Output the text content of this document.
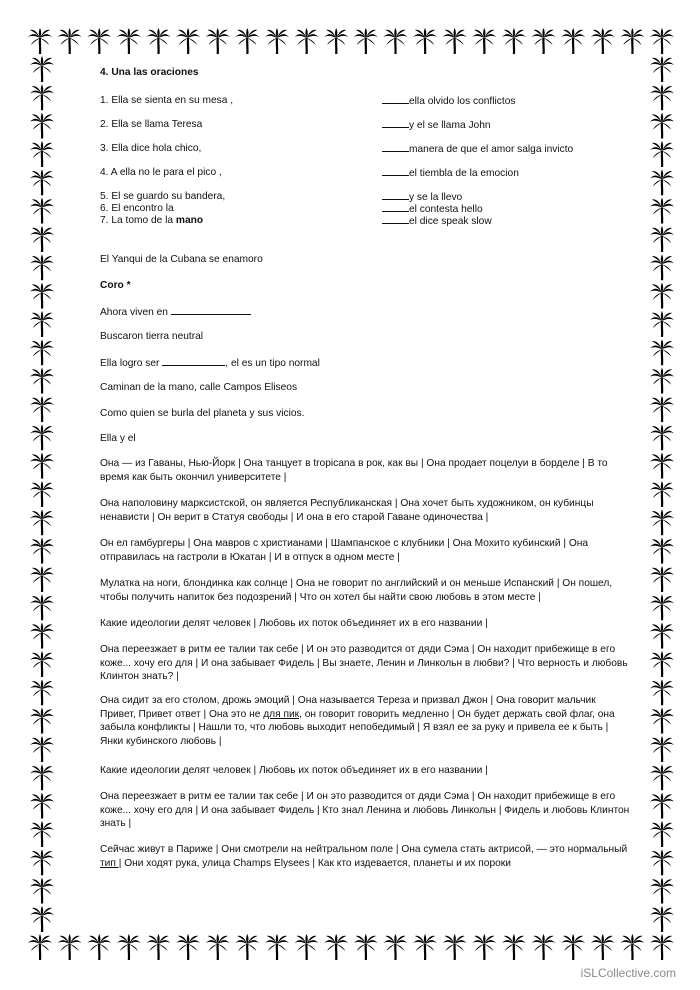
4. Una las oraciones
1. Ella se sienta en su mesa ,
2. Ella se llama Teresa
3. Ella dice hola chico,
4. A ella no le para el pico ,
5. El se guardo su bandera,
6. El encontro la
7. La tomo de la mano
ella olvido los conflictos
y el se llama John
manera de que el amor salga invicto
el tiembla de la emocion
y se la llevo
el contesta hello
el dice speak slow
El Yanqui de la Cubana se enamoro
Coro *
Ahora viven en
Buscaron tierra neutral
Ella logro ser	, el es un tipo normal
Caminan de la mano, calle Campos Eliseos
Como quien se burla del planeta y sus vicios.
Ella y el
Она — из Гаваны, Нью-Йорк | Она танцует в tropicana в рок, как вы | Она продает поцелуи в борделе | В то время как быть окончил университете |
Она наполовину марксистской, он является Республиканская | Она хочет быть художником, он кубинцы ненависти | Он верит в Статуя свободы | И она в его старой Гаване одиночества |
Он ел гамбургеры | Она мавров с христианами | Шампанское с клубники | Она Мохито кубинский | Она отправилась на гастроли в Юкатан | И в отпуск в одном месте |
Мулатка на ноги, блондинка как солнце | Она не говорит по английский и он меньше Испанский | Он пошел, чтобы получить напиток без подозрений | Что он хотел бы найти свою любовь в этом месте |
Какие идеологии делят человек | Любовь их поток объединяет их в его названии |
Она переезжает в ритм ее талии так себе | И он это разводится от дяди Сэма | Он находит прибежище в его коже... хочу его для | И она забывает Фидель | Вы знаете, Ленин и Линкольн в любви? | Что верность и любовь Клинтон знать? |
Она сидит за его столом, дрожь эмоций | Она называется Тереза и призвал Джон | Она говорит мальчик Привет, Привет ответ | Она это не для пик, он говорит говорить медленно | Он будет держать свой флаг, она забыла конфликты | Нашли то, что любовь выходит непобедимый | Я взял ее за руку и привела ее к быть | Янки кубинского любовь |
Какие идеологии делят человек | Любовь их поток объединяет их в его названии |
Она переезжает в ритм ее талии так себе | И он это разводится от дяди Сэма | Он находит прибежище в его коже... хочу его для | И она забывает Фидель | Кто знал Ленина и любовь Линкольн | Фидель и любовь Клинтон знать |
Сейчас живут в Париже | Они смотрели на нейтральном поле | Она сумела стать актрисой, — это нормальный тип | Они ходят рука, улица Champs Elysees | Как кто издевается, планеты и их пороки
iSLCollective.com
